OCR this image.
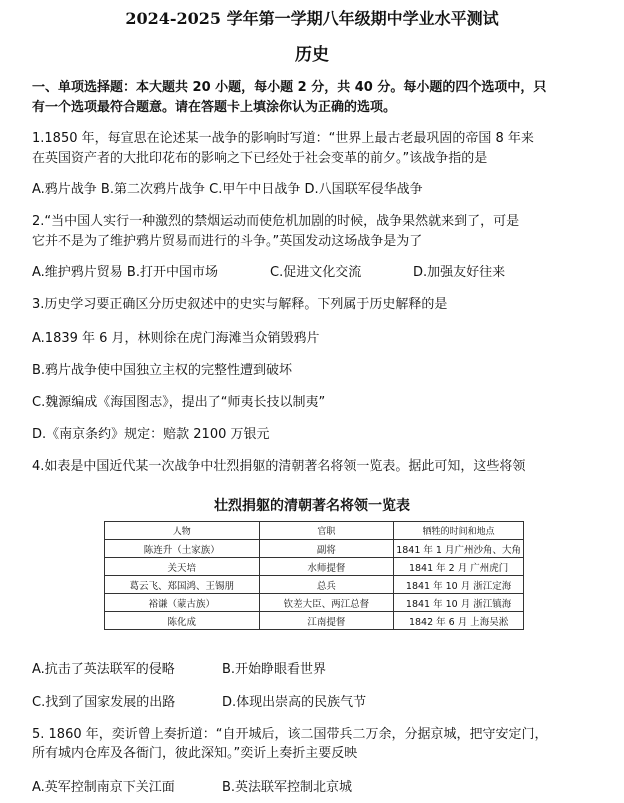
2024-2025 学年第一学期八年级期中学业水平测试
历史
一、单项选择题：本大题共 20 小题，每小题 2 分，共 40 分。每小题的四个选项中，只
有一个选项最符合题意。请在答题卡上填涂你认为正确的选项。
1.1850 年，每宣思在论述某一战争的影响时写道：“世界上最古老最巩固的帝国 8 年来
在英国资产者的大批印花布的影响之下已经处于社会变革的前夕。”该战争指的是
A.鸦片战争 B.第二次鸦片战争 C.甲午中日战争 D.八国联军侵华战争
2.“当中国人实行一种激烈的禁烟运动而使危机加剧的时候，战争果然就来到了，可是
它并不是为了维护鸦片贸易而进行的斗争。”英国发动这场战争是为了
A.维护鸦片贸易 B.打开中国市场	C.促进文化交流	D.加强友好往来
3.历史学习要正确区分历史叙述中的史实与解释。下列属于历史解释的是
A.1839 年 6 月，林则徐在虎门海滩当众销毁鸦片
B.鸦片战争使中国独立主权的完整性遭到破坏
C.魏源编成《海国图志》，提出了“师夷长技以制夷”
D.《南京条约》规定：赔款 2100 万银元
4.如表是中国近代某一次战争中壮烈捐躯的清朝著名将领一览表。据此可知，这些将领
壮烈捐躯的清朝著名将领一览表
人物	官职	牺牲的时间和地点
陈连升（土家族）	副将	1841 年 1 月广州沙角、大角
关天培	水师提督	1841 年 2 月 广州虎门
葛云飞、郑国鸿、王锡朋	总兵	1841 年 10 月 浙江定海
裕谦（蒙古族）	钦差大臣、两江总督	1841 年 10 月 浙江镇海
陈化成	江南提督	1842 年 6 月 上海吴淞
A.抗击了英法联军的侵略	B.开始睁眼看世界
C.找到了国家发展的出路	D.体现出崇高的民族气节
5. 1860 年，奕䜣曾上奏折道：“自开城后，该二国带兵二万余，分据京城，把守安定门，
所有城内仓库及各衙门，彼此深知。”奕䜣上奏折主要反映
A.英军控制南京下关江面	B.英法联军控制北京城
